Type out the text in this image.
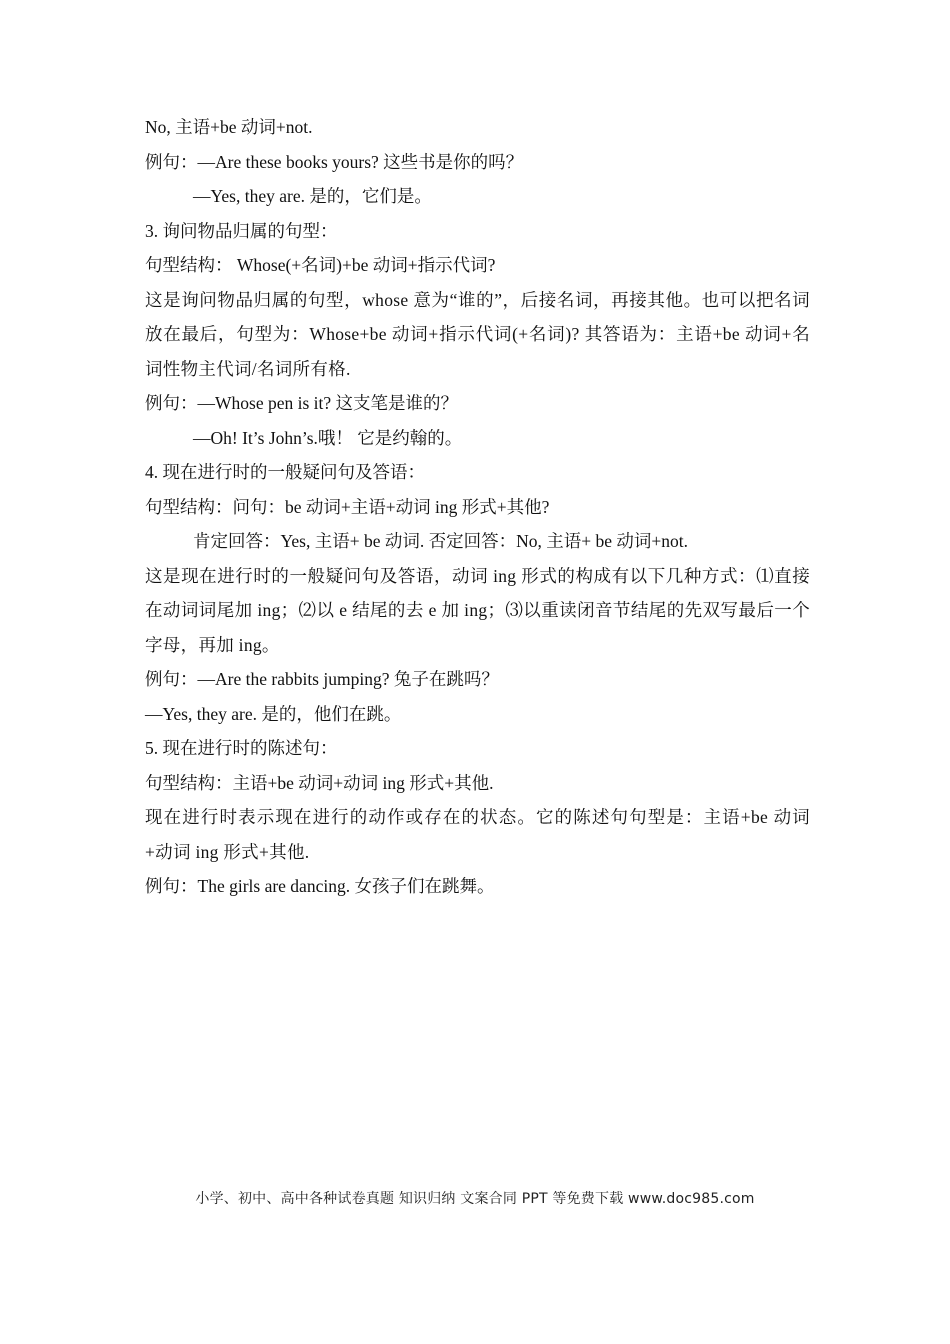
No, 主语+be 动词+not.
例句：—Are these books yours? 这些书是你的吗？
—Yes, they are. 是的，它们是。
3. 询问物品归属的句型：
句型结构： Whose(+名词)+be 动词+指示代词?
这是询问物品归属的句型，whose 意为“谁的”，后接名词，再接其他。也可以把名词放在最后，句型为：Whose+be 动词+指示代词(+名词)? 其答语为：主语+be 动词+名词性物主代词/名词所有格.
例句：—Whose pen is it? 这支笔是谁的？
—Oh! It’s John’s.哦！ 它是约翰的。
4. 现在进行时的一般疑问句及答语：
句型结构：问句：be 动词+主语+动词 ing 形式+其他?
肯定回答：Yes, 主语+ be 动词. 否定回答：No, 主语+ be 动词+not.
这是现在进行时的一般疑问句及答语，动词 ing 形式的构成有以下几种方式：⑴直接在动词词尾加 ing；⑵以 e 结尾的去 e 加 ing；⑶以重读闭音节结尾的先双写最后一个字母，再加 ing。
例句：—Are the rabbits jumping? 兔子在跳吗？
—Yes, they are. 是的，他们在跳。
5. 现在进行时的陈述句：
句型结构：主语+be 动词+动词 ing 形式+其他.
现在进行时表示现在进行的动作或存在的状态。它的陈述句句型是：主语+be 动词+动词 ing 形式+其他.
例句：The girls are dancing. 女孩子们在跳舞。
小学、初中、高中各种试卷真题 知识归纳 文案合同 PPT 等免费下载 www.doc985.com
